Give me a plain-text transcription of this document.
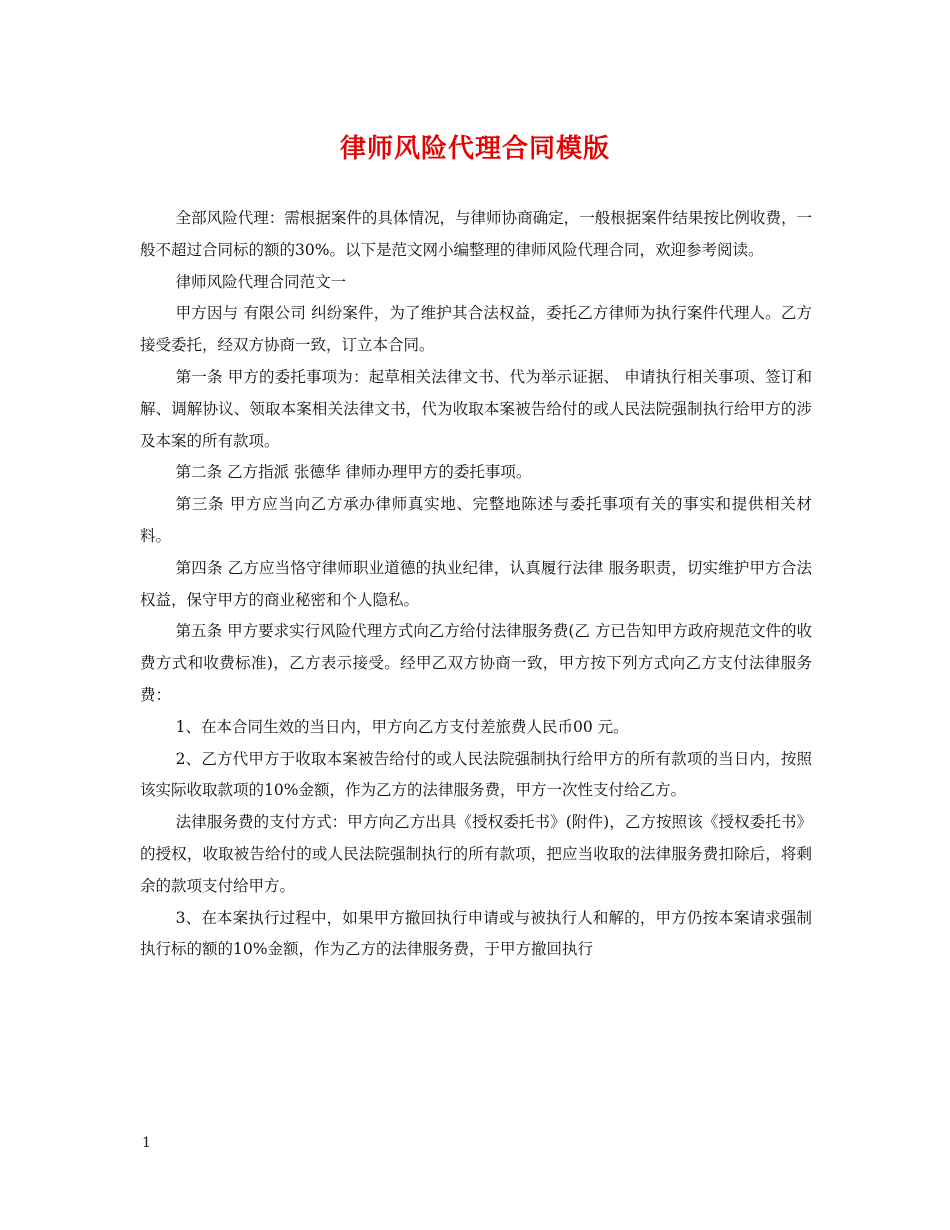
律师风险代理合同模版

全部风险代理：需根据案件的具体情况，与律师协商确定，一般根据案件结果按比例收费，一般不超过合同标的额的30%。以下是范文网小编整理的律师风险代理合同，欢迎参考阅读。

律师风险代理合同范文一

甲方因与 有限公司 纠纷案件，为了维护其合法权益，委托乙方律师为执行案件代理人。乙方接受委托，经双方协商一致，订立本合同。

第一条 甲方的委托事项为：起草相关法律文书、代为举示证据、 申请执行相关事项、签订和解、调解协议、领取本案相关法律文书，代为收取本案被告给付的或人民法院强制执行给甲方的涉及本案的所有款项。

第二条 乙方指派 张德华 律师办理甲方的委托事项。

第三条 甲方应当向乙方承办律师真实地、完整地陈述与委托事项有关的事实和提供相关材料。

第四条 乙方应当恪守律师职业道德的执业纪律，认真履行法律 服务职责，切实维护甲方合法权益，保守甲方的商业秘密和个人隐私。

第五条 甲方要求实行风险代理方式向乙方给付法律服务费(乙 方已告知甲方政府规范文件的收费方式和收费标准)，乙方表示接受。经甲乙双方协商一致，甲方按下列方式向乙方支付法律服务费：

1、在本合同生效的当日内，甲方向乙方支付差旅费人民币00 元。

2、乙方代甲方于收取本案被告给付的或人民法院强制执行给甲方的所有款项的当日内，按照该实际收取款项的10%金额，作为乙方的法律服务费，甲方一次性支付给乙方。

法律服务费的支付方式：甲方向乙方出具《授权委托书》(附件)，乙方按照该《授权委托书》的授权，收取被告给付的或人民法院强制执行的所有款项，把应当收取的法律服务费扣除后，将剩余的款项支付给甲方。

3、在本案执行过程中，如果甲方撤回执行申请或与被执行人和解的，甲方仍按本案请求强制执行标的额的10%金额，作为乙方的法律服务费，于甲方撤回执行

1
